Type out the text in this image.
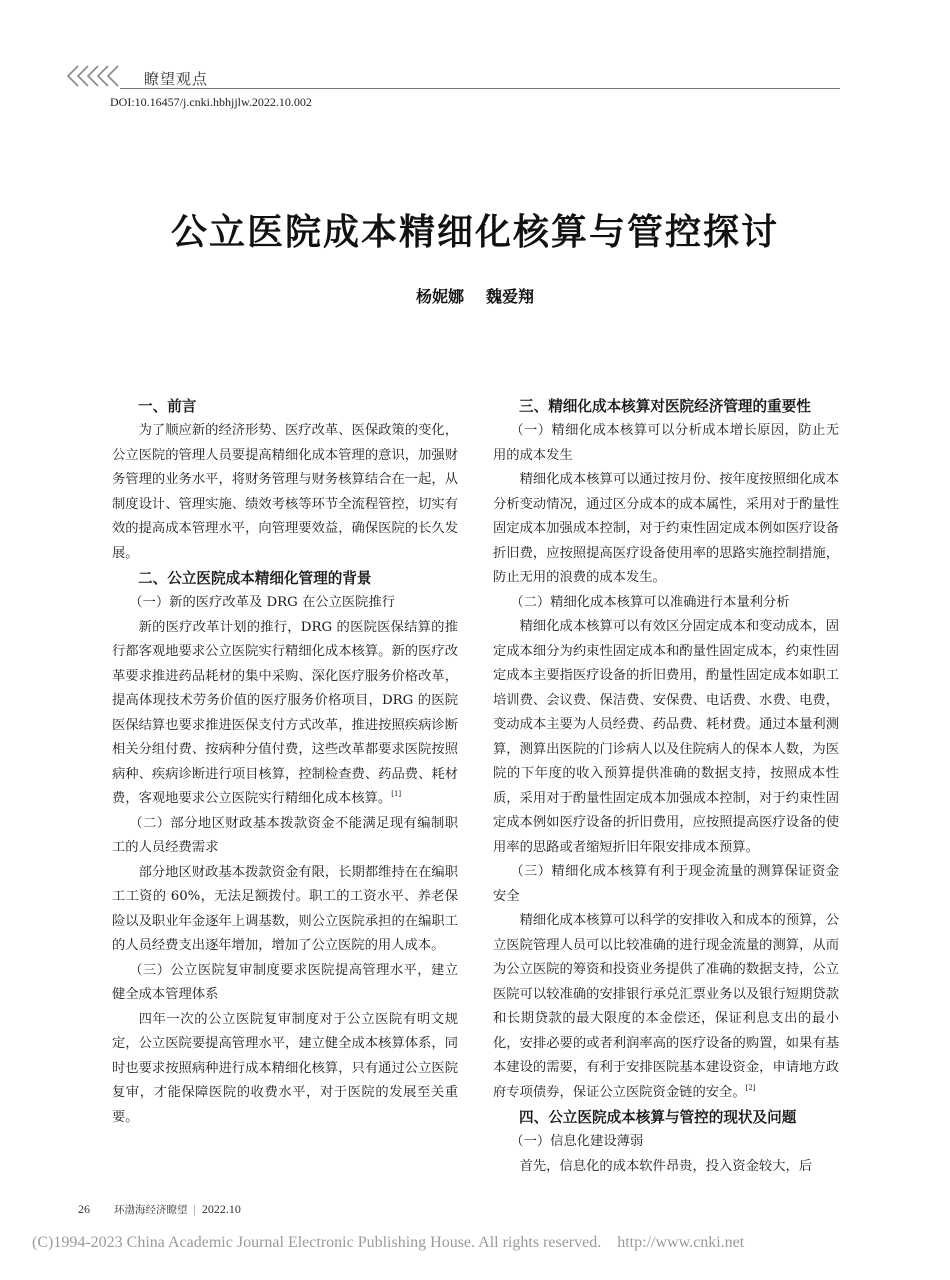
瞭望观点
DOI:10.16457/j.cnki.hbhjjlw.2022.10.002
公立医院成本精细化核算与管控探讨
杨妮娜 魏爱翔
一、前言

为了顺应新的经济形势、医疗改革、医保政策的变化，公立医院的管理人员要提高精细化成本管理的意识，加强财务管理的业务水平，将财务管理与财务核算结合在一起，从制度设计、管理实施、绩效考核等环节全流程管控，切实有效的提高成本管理水平，向管理要效益，确保医院的长久发展。

二、公立医院成本精细化管理的背景
（一）新的医疗改革及 DRG 在公立医院推行

新的医疗改革计划的推行，DRG 的医院医保结算的推行都客观地要求公立医院实行精细化成本核算。新的医疗改革要求推进药品耗材的集中采购、深化医疗服务价格改革，提高体现技术劳务价值的医疗服务价格项目，DRG 的医院医保结算也要求推进医保支付方式改革，推进按照疾病诊断相关分组付费、按病种分值付费，这些改革都要求医院按照病种、疾病诊断进行项目核算，控制检查费、药品费、耗材费，客观地要求公立医院实行精细化成本核算。[1]

（二）部分地区财政基本拨款资金不能满足现有编制职工的人员经费需求

部分地区财政基本拨款资金有限，长期都维持在在编职工工资的 60%，无法足额拨付。职工的工资水平、养老保险以及职业年金逐年上调基数，则公立医院承担的在编职工的人员经费支出逐年增加，增加了公立医院的用人成本。

（三）公立医院复审制度要求医院提高管理水平，建立健全成本管理体系

四年一次的公立医院复审制度对于公立医院有明文规定，公立医院要提高管理水平，建立健全成本核算体系，同时也要求按照病种进行成本精细化核算，只有通过公立医院复审，才能保障医院的收费水平，对于医院的发展至关重要。

三、精细化成本核算对医院经济管理的重要性
（一）精细化成本核算可以分析成本增长原因，防止无用的成本发生

精细化成本核算可以通过按月份、按年度按照细化成本分析变动情况，通过区分成本的成本属性，采用对于酌量性固定成本加强成本控制，对于约束性固定成本例如医疗设备折旧费，应按照提高医疗设备使用率的思路实施控制措施，防止无用的浪费的成本发生。

（二）精细化成本核算可以准确进行本量利分析

精细化成本核算可以有效区分固定成本和变动成本，固定成本细分为约束性固定成本和酌量性固定成本，约束性固定成本主要指医疗设备的折旧费用，酌量性固定成本如职工培训费、会议费、保洁费、安保费、电话费、水费、电费，变动成本主要为人员经费、药品费、耗材费。通过本量利测算，测算出医院的门诊病人以及住院病人的保本人数，为医院的下年度的收入预算提供准确的数据支持，按照成本性质，采用对于酌量性固定成本加强成本控制，对于约束性固定成本例如医疗设备的折旧费用，应按照提高医疗设备的使用率的思路或者缩短折旧年限安排成本预算。

（三）精细化成本核算有利于现金流量的测算保证资金安全

精细化成本核算可以科学的安排收入和成本的预算，公立医院管理人员可以比较准确的进行现金流量的测算，从而为公立医院的筹资和投资业务提供了准确的数据支持，公立医院可以较准确的安排银行承兑汇票业务以及银行短期贷款和长期贷款的最大限度的本金偿还，保证利息支出的最小化，安排必要的或者利润率高的医疗设备的购置，如果有基本建设的需要，有利于安排医院基本建设资金，申请地方政府专项债券，保证公立医院资金链的安全。[2]

四、公立医院成本核算与管控的现状及问题
（一）信息化建设薄弱

首先，信息化的成本软件昂贵，投入资金较大，后

26 环渤海经济瞭望 | 2022.10
(C)1994-2023 China Academic Journal Electronic Publishing House. All rights reserved. http://www.cnki.net
